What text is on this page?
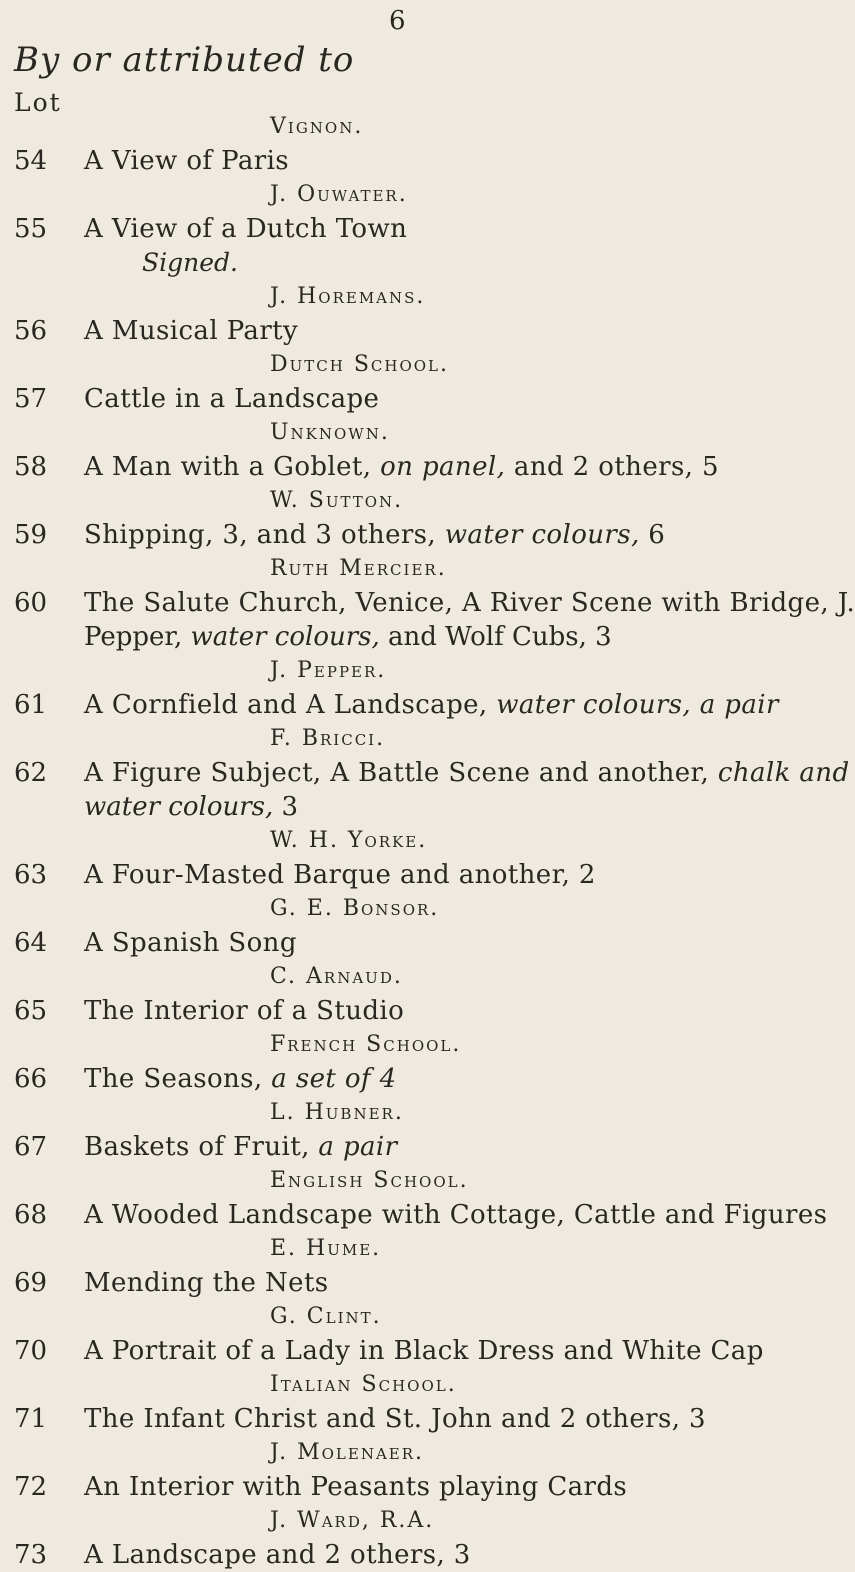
6
By or attributed to
Lot
Vignon.
54	A View of Paris
J. Ouwater.
55	A View of a Dutch Town
Signed.
J. Horemans.
56	A Musical Party
Dutch School.
57	Cattle in a Landscape
Unknown.
58	A Man with a Goblet, on panel, and 2 others, 5
W. Sutton.
59	Shipping, 3, and 3 others, water colours, 6
Ruth Mercier.
60	The Salute Church, Venice, A River Scene with Bridge, J.
Pepper, water colours, and Wolf Cubs, 3
J. Pepper.
61	A Cornfield and A Landscape, water colours, a pair
F. Bricci.
62	A Figure Subject, A Battle Scene and another, chalk and
water colours, 3
W. H. Yorke.
63	A Four-Masted Barque and another, 2
G. E. Bonsor.
64	A Spanish Song
C. Arnaud.
65	The Interior of a Studio
French School.
66	The Seasons, a set of 4
L. Hubner.
67	Baskets of Fruit, a pair
English School.
68	A Wooded Landscape with Cottage, Cattle and Figures
E. Hume.
69	Mending the Nets
G. Clint.
70	A Portrait of a Lady in Black Dress and White Cap
Italian School.
71	The Infant Christ and St. John and 2 others, 3
J. Molenaer.
72	An Interior with Peasants playing Cards
J. Ward, R.A.
73	A Landscape and 2 others, 3
